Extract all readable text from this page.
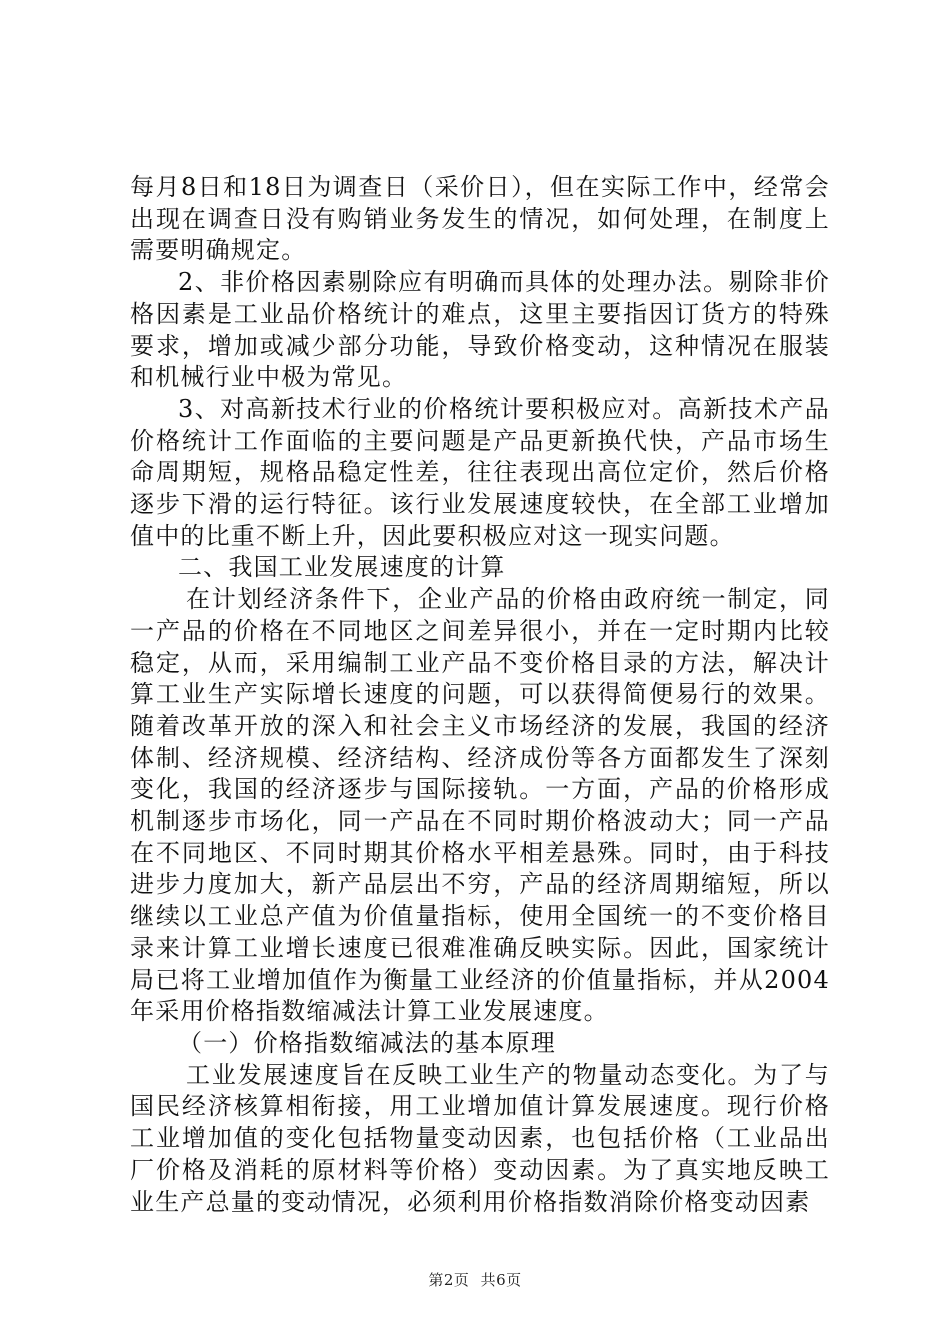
每月8日和18日为调查日（采价日），但在实际工作中，经常会出现在调查日没有购销业务发生的情况，如何处理，在制度上需要明确规定。

2、非价格因素剔除应有明确而具体的处理办法。剔除非价格因素是工业品价格统计的难点，这里主要指因订货方的特殊要求，增加或减少部分功能，导致价格变动，这种情况在服装和机械行业中极为常见。

3、对高新技术行业的价格统计要积极应对。高新技术产品价格统计工作面临的主要问题是产品更新换代快，产品市场生命周期短，规格品稳定性差，往往表现出高位定价，然后价格逐步下滑的运行特征。该行业发展速度较快，在全部工业增加值中的比重不断上升，因此要积极应对这一现实问题。

二、我国工业发展速度的计算

在计划经济条件下，企业产品的价格由政府统一制定，同一产品的价格在不同地区之间差异很小，并在一定时期内比较稳定，从而，采用编制工业产品不变价格目录的方法，解决计算工业生产实际增长速度的问题，可以获得简便易行的效果。随着改革开放的深入和社会主义市场经济的发展，我国的经济体制、经济规模、经济结构、经济成份等各方面都发生了深刻变化，我国的经济逐步与国际接轨。一方面，产品的价格形成机制逐步市场化，同一产品在不同时期价格波动大；同一产品在不同地区、不同时期其价格水平相差悬殊。同时，由于科技进步力度加大，新产品层出不穷，产品的经济周期缩短，所以继续以工业总产值为价值量指标，使用全国统一的不变价格目录来计算工业增长速度已很难准确反映实际。因此，国家统计局已将工业增加值作为衡量工业经济的价值量指标，并从2004年采用价格指数缩减法计算工业发展速度。

（一）价格指数缩减法的基本原理

工业发展速度旨在反映工业生产的物量动态变化。为了与国民经济核算相衔接，用工业增加值计算发展速度。现行价格工业增加值的变化包括物量变动因素，也包括价格（工业品出厂价格及消耗的原材料等价格）变动因素。为了真实地反映工业生产总量的变动情况，必须利用价格指数消除价格变动因素

第2页 共6页
